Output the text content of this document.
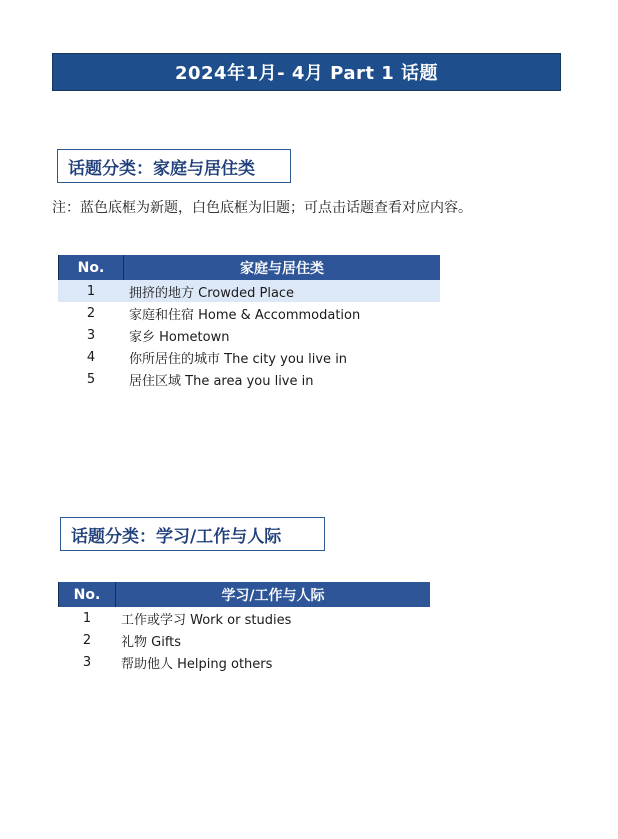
2024年1月- 4月 Part 1 话题
话题分类：家庭与居住类
注：蓝色底框为新题，白色底框为旧题；可点击话题查看对应内容。
No.	家庭与居住类
1	拥挤的地方 Crowded Place
2	家庭和住宿 Home & Accommodation
3	家乡 Hometown
4	你所居住的城市 The city you live in
5	居住区域 The area you live in
话题分类：学习/工作与人际
No.	学习/工作与人际
1	工作或学习 Work or studies
2	礼物 Gifts
3	帮助他人 Helping others
